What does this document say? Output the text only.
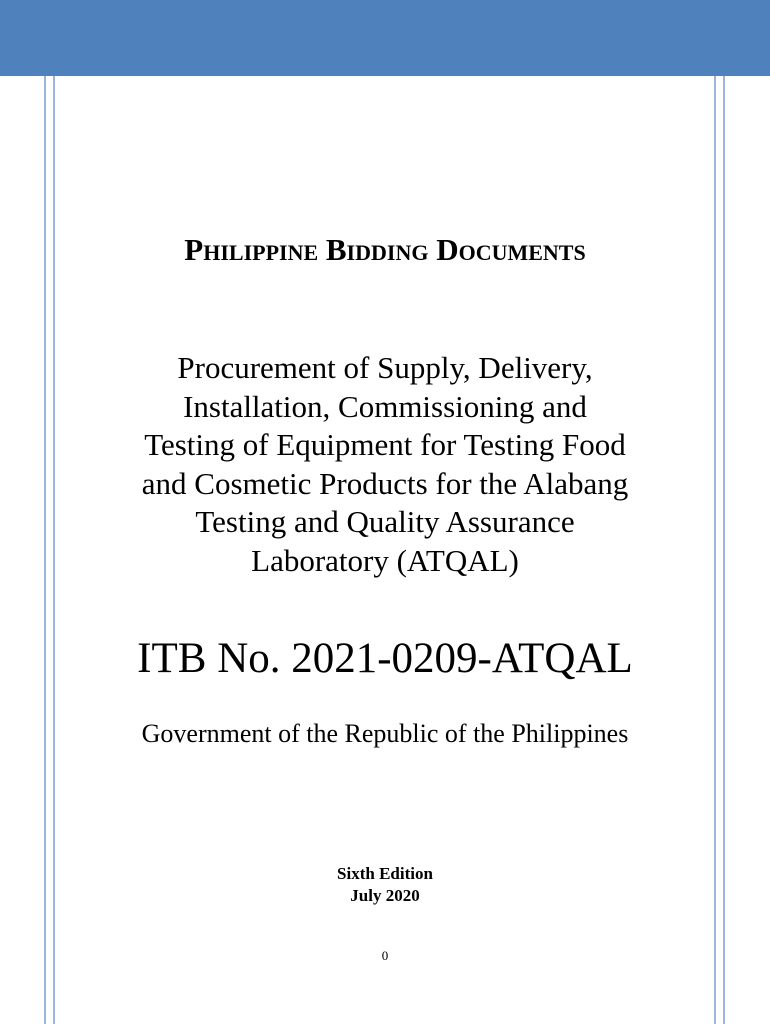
Philippine Bidding Documents
Procurement of Supply, Delivery,
Installation, Commissioning and
Testing of Equipment for Testing Food
and Cosmetic Products for the Alabang
Testing and Quality Assurance
Laboratory (ATQAL)
ITB No. 2021-0209-ATQAL
Government of the Republic of the Philippines
Sixth Edition
July 2020
0
